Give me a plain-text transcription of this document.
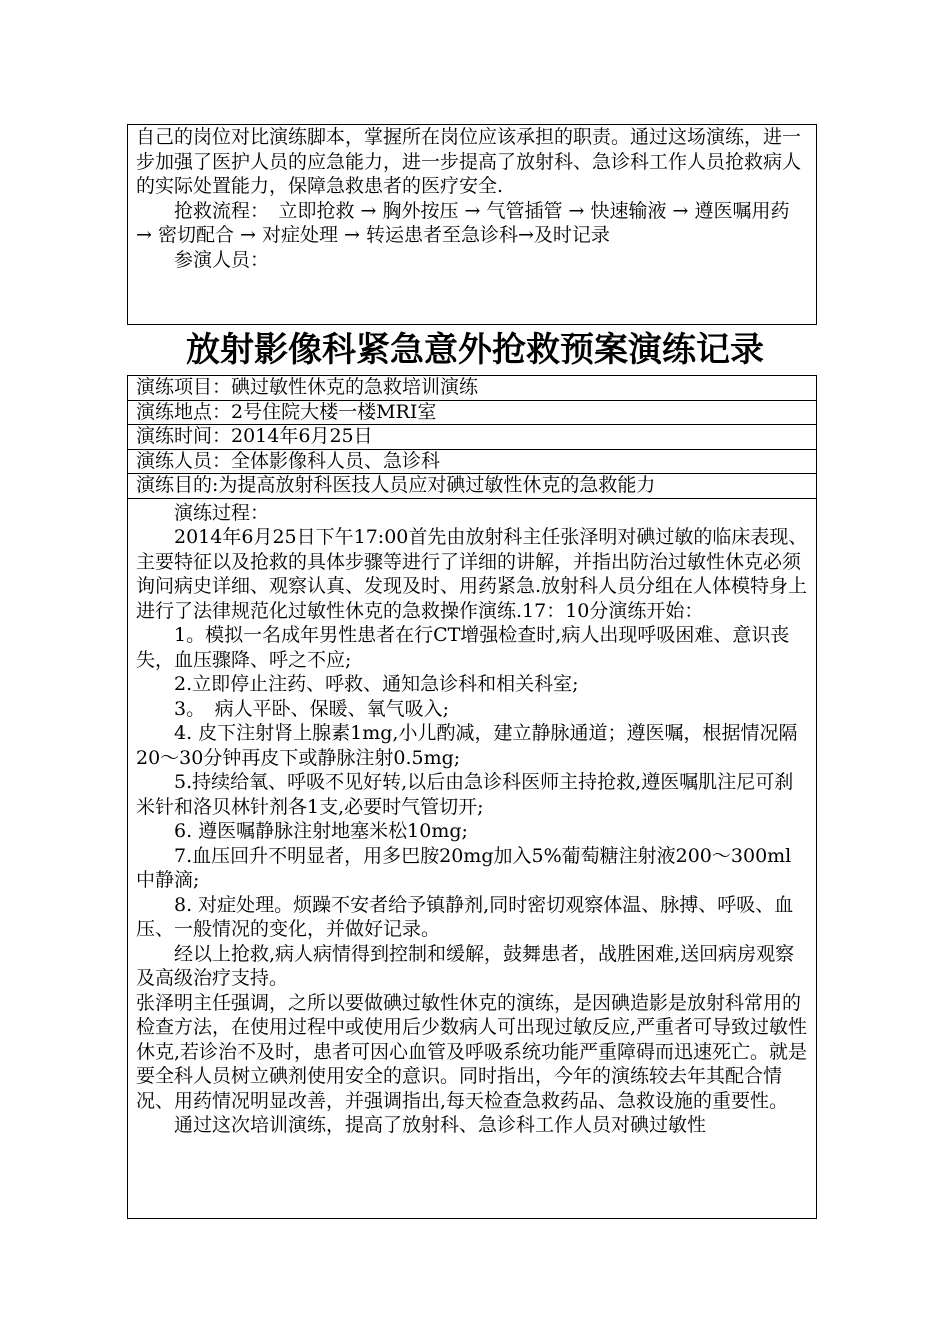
自己的岗位对比演练脚本，掌握所在岗位应该承担的职责。通过这场演练，进一步加强了医护人员的应急能力，进一步提高了放射科、急诊科工作人员抢救病人的实际处置能力，保障急救患者的医疗安全.

抢救流程：　立即抢救 → 胸外按压 → 气管插管 → 快速输液 → 遵医嘱用药 → 密切配合 → 对症处理 → 转运患者至急诊科→及时记录

参演人员：

放射影像科紧急意外抢救预案演练记录
演练项目：碘过敏性休克的急救培训演练
演练地点：2号住院大楼一楼MRI室
演练时间：2014年6月25日
演练人员：全体影像科人员、急诊科
演练目的:为提高放射科医技人员应对碘过敏性休克的急救能力

演练过程：

2014年6月25日下午17:00首先由放射科主任张泽明对碘过敏的临床表现、主要特征以及抢救的具体步骤等进行了详细的讲解，并指出防治过敏性休克必须询问病史详细、观察认真、发现及时、用药紧急.放射科人员分组在人体模特身上进行了法律规范化过敏性休克的急救操作演练.17：10分演练开始：

1。模拟一名成年男性患者在行CT增强检查时,病人出现呼吸困难、意识丧失，血压骤降、呼之不应;

2.立即停止注药、呼救、通知急诊科和相关科室;

3。　病人平卧、保暖、氧气吸入;

4. 皮下注射肾上腺素1mg,小儿酌减，建立静脉通道；遵医嘱，根据情况隔20～30分钟再皮下或静脉注射0.5mg;

5.持续给氧、呼吸不见好转,以后由急诊科医师主持抢救,遵医嘱肌注尼可刹米针和洛贝林针剂各1支,必要时气管切开;

6. 遵医嘱静脉注射地塞米松10mg;

7.血压回升不明显者，用多巴胺20mg加入5%葡萄糖注射液200～300ml中静滴;

8. 对症处理。烦躁不安者给予镇静剂,同时密切观察体温、脉搏、呼吸、血压、一般情况的变化，并做好记录。

经以上抢救,病人病情得到控制和缓解，鼓舞患者，战胜困难,送回病房观察及高级治疗支持。

张泽明主任强调，之所以要做碘过敏性休克的演练，是因碘造影是放射科常用的检查方法，在使用过程中或使用后少数病人可出现过敏反应,严重者可导致过敏性休克,若诊治不及时，患者可因心血管及呼吸系统功能严重障碍而迅速死亡。就是要全科人员树立碘剂使用安全的意识。同时指出，今年的演练较去年其配合情况、用药情况明显改善，并强调指出,每天检查急救药品、急救设施的重要性。

通过这次培训演练，提高了放射科、急诊科工作人员对碘过敏性
